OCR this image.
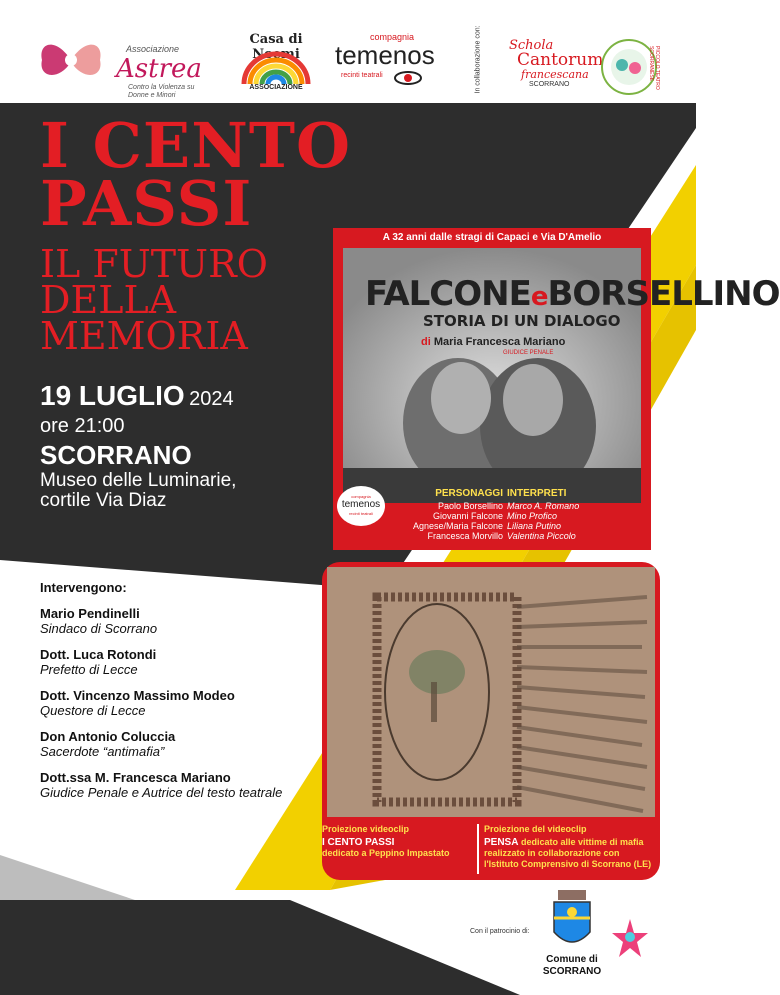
Associazione
Astrea
Contro la Violenza su Donne e Minori
Casa di Noemi
ASSOCIAZIONE
compagnia
temenos
recinti teatrali	In collaborazione con: Schola
Cantorum
francescana
SCORRANO	PICCOLO TEATRO SCORRANESE
I CENTO
PASSI
IL FUTURO
DELLA
MEMORIA
19 LUGLIO 2024
ore 21:00
SCORRANO
Museo delle Luminarie,
cortile Via Diaz
Intervengono:
Mario Pendinelli
Sindaco di Scorrano
Dott. Luca Rotondi
Prefetto di Lecce
Dott. Vincenzo Massimo Modeo
Questore di Lecce
Don Antonio Coluccia
Sacerdote “antimafia”
Dott.ssa M. Francesca Mariano
Giudice Penale e Autrice del testo teatrale
A 32 anni dalle stragi di Capaci e Via D'Amelio
FALCONEeBORSELLINO
STORIA DI UN DIALOGO
di Maria Francesca Mariano
GIUDICE PENALE
compagnia
temenos
recinti teatrali
PERSONAGGI INTERPRETI
Paolo Borsellino Marco A. Romano
Giovanni Falcone Mino Profico
Agnese/Maria Falcone Liliana Putino
Francesca Morvillo Valentina Piccolo
Proiezione videoclip
I CENTO PASSI
dedicato a Peppino Impastato
Proiezione del videoclip
PENSA dedicato alle vittime di mafia
realizzato in collaborazione con
l'Istituto Comprensivo di Scorrano (LE)
Con il patrocinio di:
Comune di
SCORRANO
